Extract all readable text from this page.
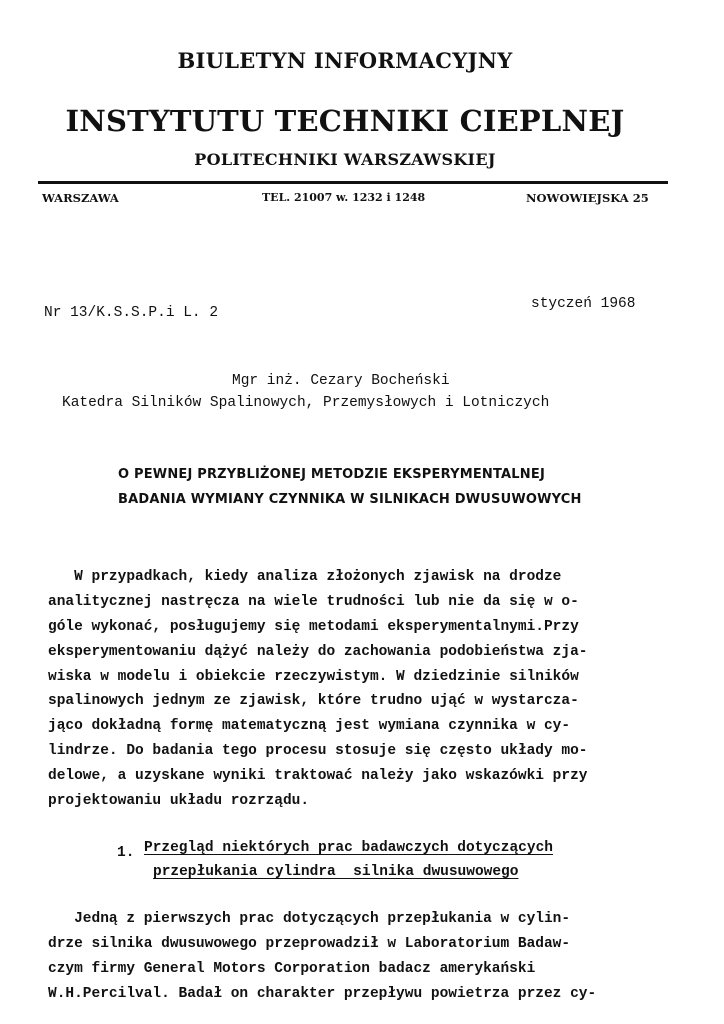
BIULETYN INFORMACYJNY
INSTYTUTU TECHNIKI CIEPLNEJ
POLITECHNIKI WARSZAWSKIEJ
WARSZAWA	TEL. 21007 w. 1232 i 1248	NOWOWIEJSKA 25
Nr 13/K.S.S.P.i L. 2
styczeń 1968
Mgr inż. Cezary Bocheński
Katedra Silników Spalinowych, Przemysłowych i Lotniczych
O PEWNEJ PRZYBLIŻONEJ METODZIE EKSPERYMENTALNEJ
BADANIA WYMIANY CZYNNIKA W SILNIKACH DWUSUWOWYCH
W przypadkach, kiedy analiza złożonych zjawisk na drodze
analitycznej nastręcza na wiele trudności lub nie da się w o-
góle wykonać, posługujemy się metodami eksperymentalnymi.Przy
eksperymentowaniu dążyć należy do zachowania podobieństwa zja-
wiska w modelu i obiekcie rzeczywistym. W dziedzinie silników
spalinowych jednym ze zjawisk, które trudno ująć w wystarcza-
jąco dokładną formę matematyczną jest wymiana czynnika w cy-
lindrze. Do badania tego procesu stosuje się często układy mo-
delowe, a uzyskane wyniki traktować należy jako wskazówki przy
projektowaniu układu rozrządu.
1. Przegląd niektórych prac badawczych dotyczących
przepłukania cylindra  silnika dwusuwowego
Jedną z pierwszych prac dotyczących przepłukania w cylin-
drze silnika dwusuwowego przeprowadził w Laboratorium Badaw-
czym firmy General Motors Corporation badacz amerykański
W.H.Percilval. Badał on charakter przepływu powietrza przez cy-
